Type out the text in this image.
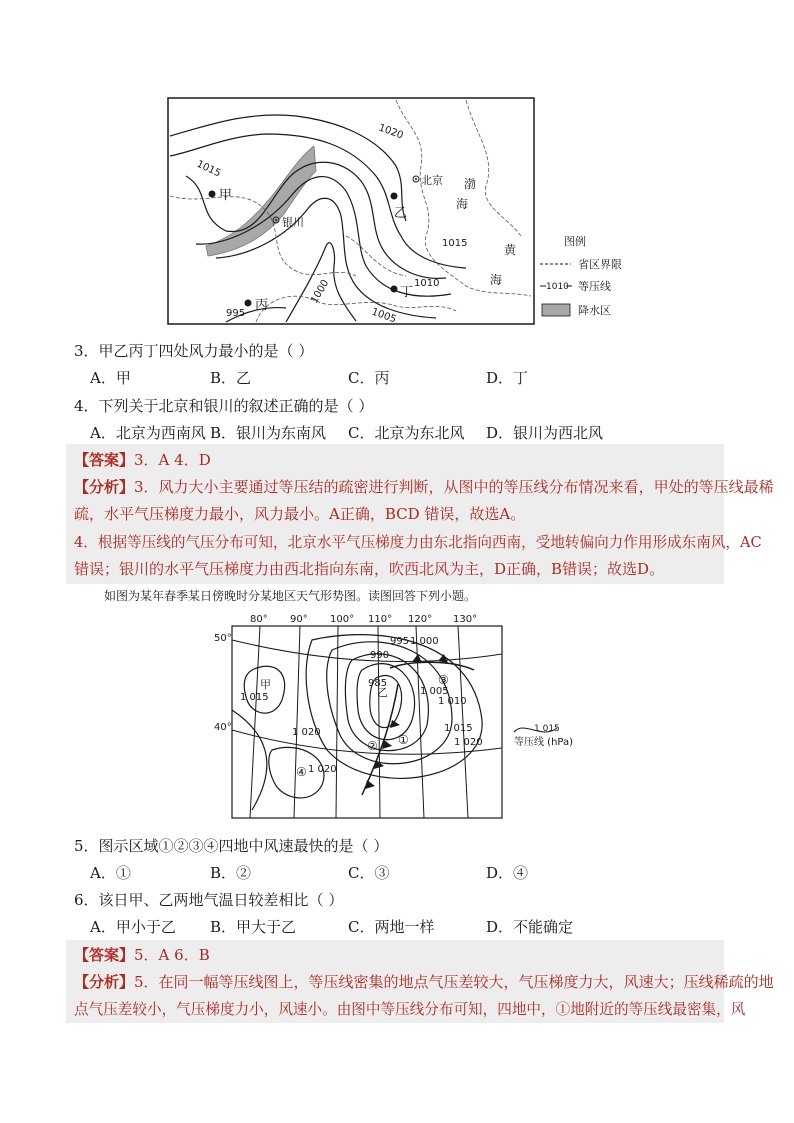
1020
1015
1015
1010
1005
1000
995
甲
乙
丙
丁
北京
银川
渤
海
黄
海
图例
省区界限
1010 等压线
降水区
3．甲乙丙丁四处风力最小的是（ ）
A．甲	B．乙	C．丙	D．丁
4．下列关于北京和银川的叙述正确的是（ ）
A．北京为西南风 B．银川为东南风 C．北京为东北风 D．银川为西北风
【答案】3．A 4．D
【分析】3．风力大小主要通过等压结的疏密进行判断，从图中的等压线分布情况来看，甲处的等压线最稀
疏，水平气压梯度力最小，风力最小。A正确，BCD 错误，故选A。
4．根据等压线的气压分布可知，北京水平气压梯度力由东北指向西南，受地转偏向力作用形成东南风，AC
错误；银川的水平气压梯度力由西北指向东南，吹西北风为主，D正确，B错误；故选D。
如图为某年春季某日傍晚时分某地区天气形势图。读图回答下列小题。
80° 90° 100° 110° 120° 130°
50°
40°
995 1 000
990
985
1 005
1 010
1 015
1 020
1 020	1 015
1 020
甲
乙
①
②
③
④
1 015
等压线 (hPa)
5．图示区域①②③④四地中风速最快的是（ ）
A．①	B．②	C．③	D．④
6．该日甲、乙两地气温日较差相比（ ）
A．甲小于乙 B．甲大于乙	C．两地一样	D．不能确定
【答案】5．A 6．B
【分析】5．在同一幅等压线图上，等压线密集的地点气压差较大，气压梯度力大，风速大；压线稀疏的地
点气压差较小，气压梯度力小，风速小。由图中等压线分布可知，四地中，①地附近的等压线最密集，风
